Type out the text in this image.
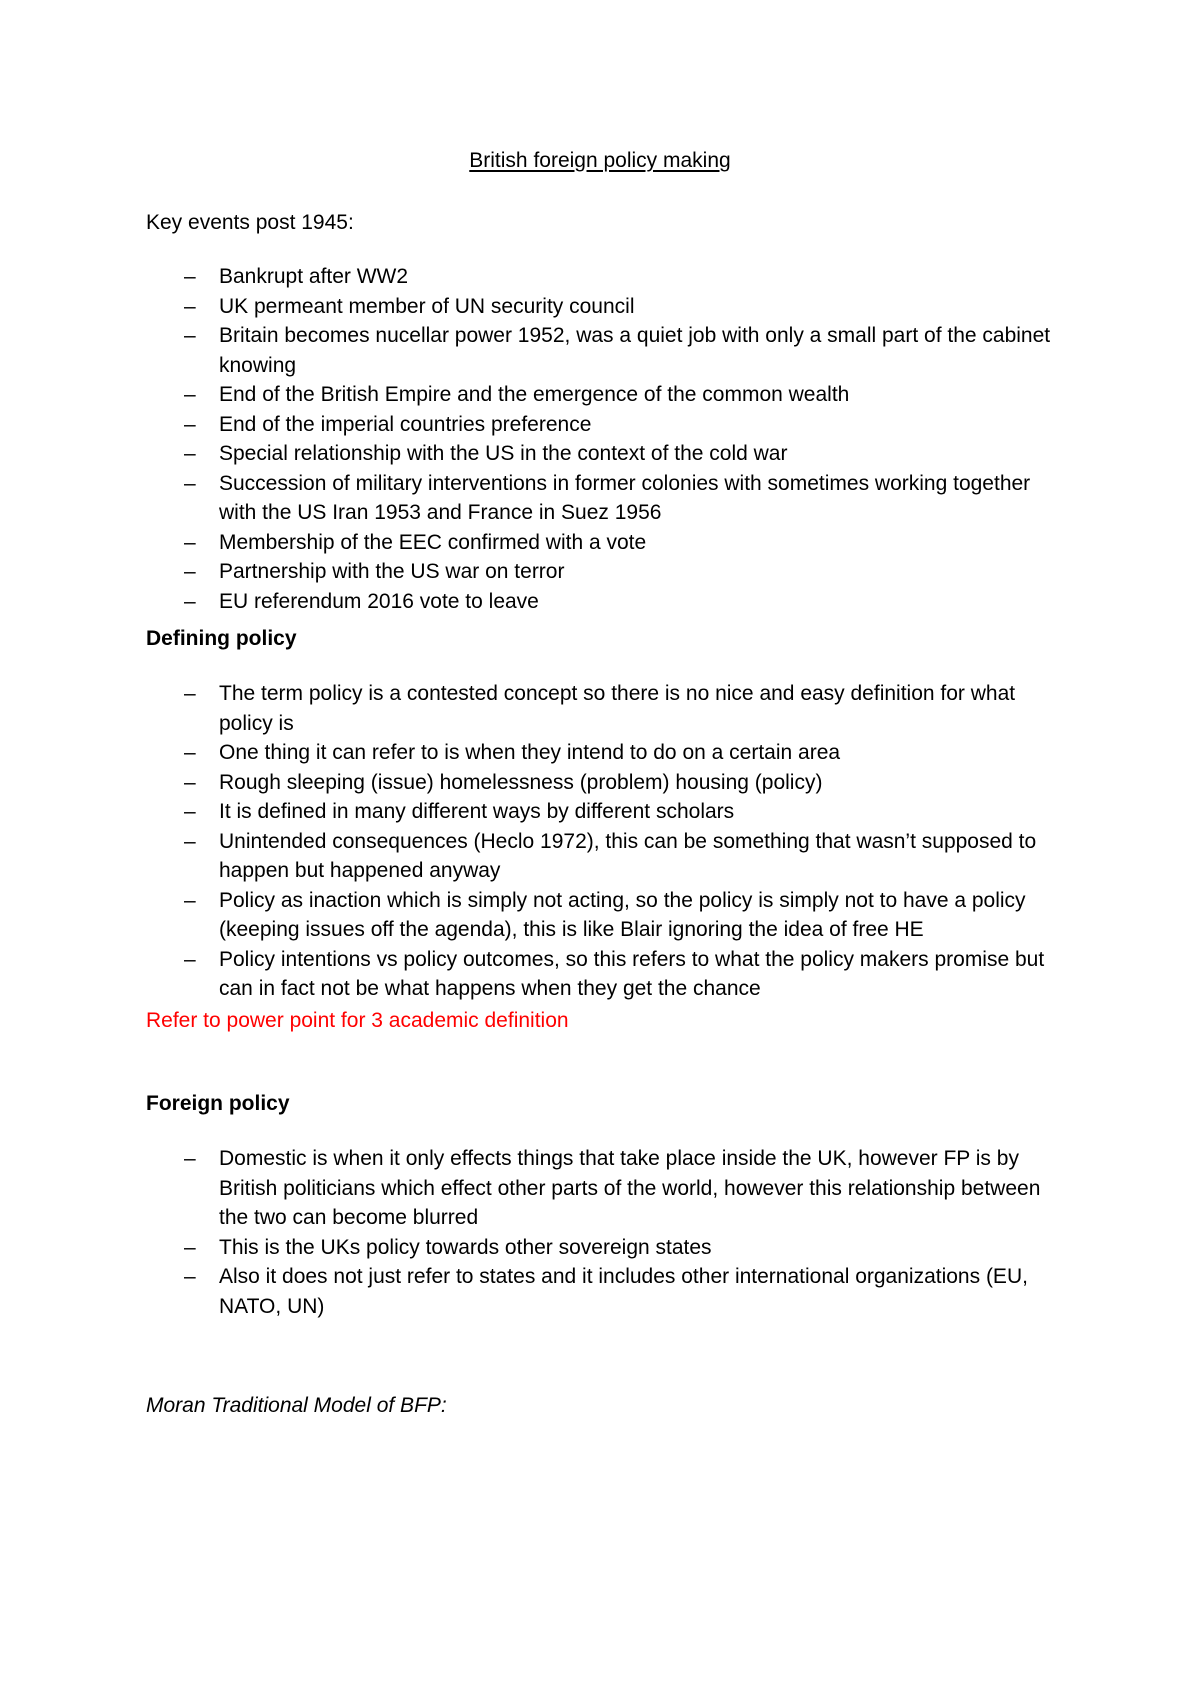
British foreign policy making
Key events post 1945:
– Bankrupt after WW2
– UK permeant member of UN security council
– Britain becomes nucellar power 1952, was a quiet job with only a small part of the cabinet knowing
– End of the British Empire and the emergence of the common wealth
– End of the imperial countries preference
– Special relationship with the US in the context of the cold war
– Succession of military interventions in former colonies with sometimes working together with the US Iran 1953 and France in Suez 1956
– Membership of the EEC confirmed with a vote
– Partnership with the US war on terror
– EU referendum 2016 vote to leave
Defining policy
– The term policy is a contested concept so there is no nice and easy definition for what policy is
– One thing it can refer to is when they intend to do on a certain area
– Rough sleeping (issue) homelessness (problem) housing (policy)
– It is defined in many different ways by different scholars
– Unintended consequences (Heclo 1972), this can be something that wasn’t supposed to happen but happened anyway
– Policy as inaction which is simply not acting, so the policy is simply not to have a policy (keeping issues off the agenda), this is like Blair ignoring the idea of free HE
– Policy intentions vs policy outcomes, so this refers to what the policy makers promise but can in fact not be what happens when they get the chance
Refer to power point for 3 academic definition
Foreign policy
– Domestic is when it only effects things that take place inside the UK, however FP is by British politicians which effect other parts of the world, however this relationship between the two can become blurred
– This is the UKs policy towards other sovereign states
– Also it does not just refer to states and it includes other international organizations (EU, NATO, UN)
Moran Traditional Model of BFP:
